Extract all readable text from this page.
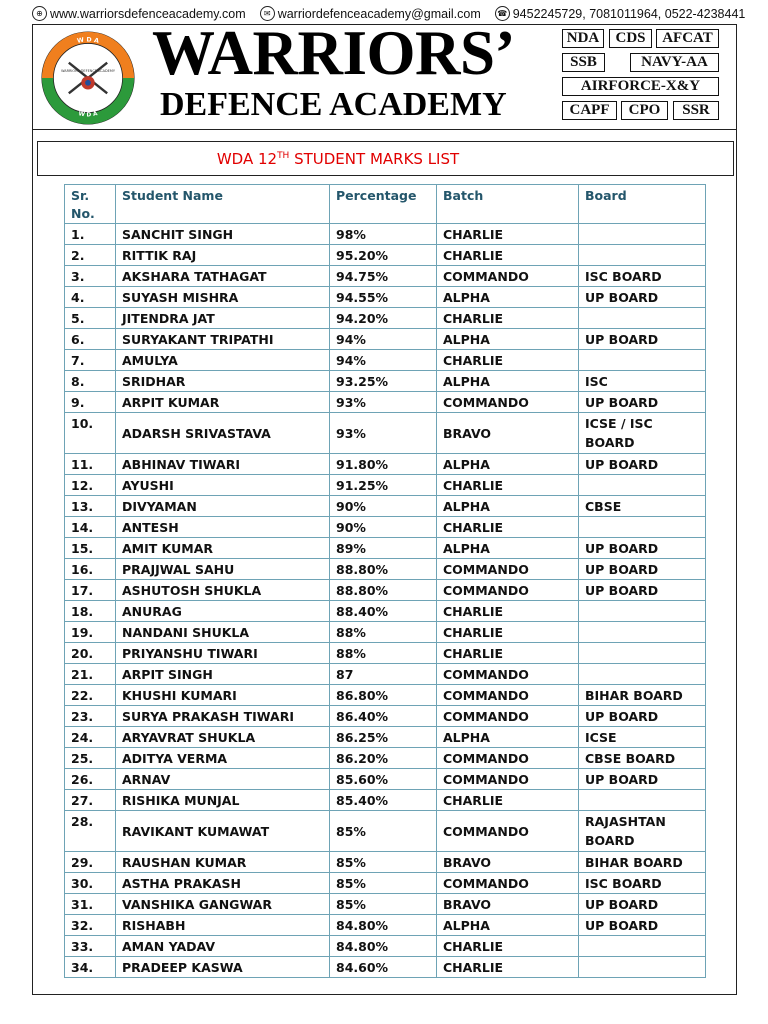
⊕ www.warriorsdefenceacademy.com	✉ warriordefenceacademy@gmail.com	☎ 9452245729, 7081011964, 0522-4238441
W D A
W D A
WARRIORS DEFENCE ACADEMY WARRIORS’
DEFENCE ACADEMY
NDA	CDS	AFCAT
SSB	NAVY-AA
AIRFORCE-X&Y
CAPF	CPO	SSR
WDA 12TH STUDENT MARKS LIST
Sr. No.	Student Name	Percentage	Batch	Board
1.	SANCHIT SINGH	98%	CHARLIE	
2.	RITTIK RAJ	95.20%	CHARLIE	
3.	AKSHARA TATHAGAT	94.75%	COMMANDO	ISC BOARD
4.	SUYASH MISHRA	94.55%	ALPHA	UP BOARD
5.	JITENDRA JAT	94.20%	CHARLIE	
6.	SURYAKANT TRIPATHI	94%	ALPHA	UP BOARD
7.	AMULYA	94%	CHARLIE	
8.	SRIDHAR	93.25%	ALPHA	ISC
9.	ARPIT KUMAR	93%	COMMANDO	UP BOARD
10.	ADARSH SRIVASTAVA	93%	BRAVO	ICSE / ISC BOARD
11.	ABHINAV TIWARI	91.80%	ALPHA	UP BOARD
12.	AYUSHI	91.25%	CHARLIE	
13.	DIVYAMAN	90%	ALPHA	CBSE
14.	ANTESH	90%	CHARLIE	
15.	AMIT KUMAR	89%	ALPHA	UP BOARD
16.	PRAJJWAL SAHU	88.80%	COMMANDO	UP BOARD
17.	ASHUTOSH SHUKLA	88.80%	COMMANDO	UP BOARD
18.	ANURAG	88.40%	CHARLIE	
19.	NANDANI SHUKLA	88%	CHARLIE	
20.	PRIYANSHU TIWARI	88%	CHARLIE	
21.	ARPIT SINGH	87	COMMANDO	
22.	KHUSHI KUMARI	86.80%	COMMANDO	BIHAR BOARD
23.	SURYA PRAKASH TIWARI	86.40%	COMMANDO	UP BOARD
24.	ARYAVRAT SHUKLA	86.25%	ALPHA	ICSE
25.	ADITYA VERMA	86.20%	COMMANDO	CBSE BOARD
26.	ARNAV	85.60%	COMMANDO	UP BOARD
27.	RISHIKA MUNJAL	85.40%	CHARLIE	
28.	RAVIKANT KUMAWAT	85%	COMMANDO	RAJASHTAN BOARD
29.	RAUSHAN KUMAR	85%	BRAVO	BIHAR BOARD
30.	ASTHA PRAKASH	85%	COMMANDO	ISC BOARD
31.	VANSHIKA GANGWAR	85%	BRAVO	UP BOARD
32.	RISHABH	84.80%	ALPHA	UP BOARD
33.	AMAN YADAV	84.80%	CHARLIE	
34.	PRADEEP KASWA	84.60%	CHARLIE	
